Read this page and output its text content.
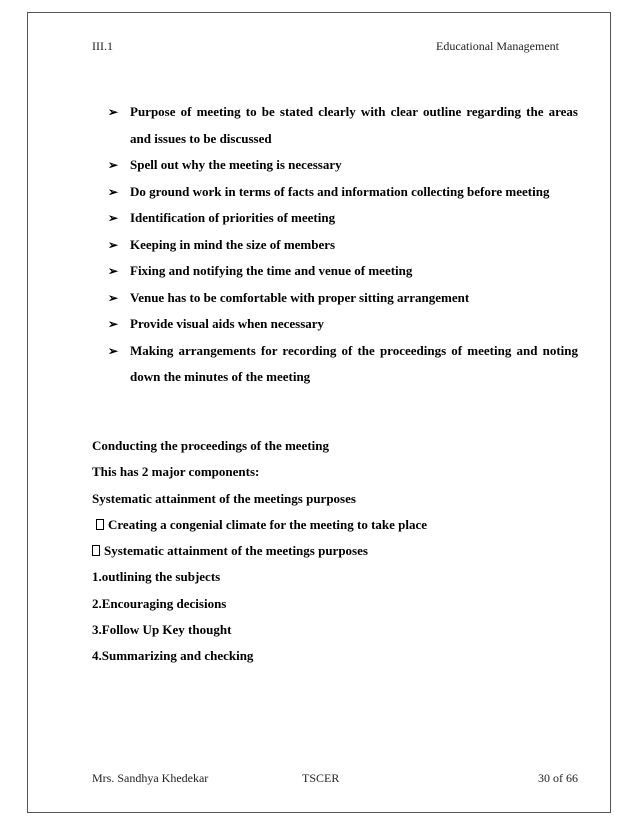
III.1	Educational Management
➢ Purpose of meeting to be stated clearly with clear outline regarding the areas and issues to be discussed
➢ Spell out why the meeting is necessary
➢ Do ground work in terms of facts and information collecting before meeting
➢ Identification of priorities of meeting
➢ Keeping in mind the size of members
➢ Fixing and notifying the time and venue of meeting
➢ Venue has to be comfortable with proper sitting arrangement
➢ Provide visual aids when necessary
➢ Making arrangements for recording of the proceedings of meeting and noting down the minutes of the meeting
Conducting the proceedings of the meeting
This has 2 major components:
Systematic attainment of the meetings purposes
Creating a congenial climate for the meeting to take place
Systematic attainment of the meetings purposes
1.outlining the subjects
2.Encouraging decisions
3.Follow Up Key thought
4.Summarizing and checking
Mrs. Sandhya Khedekar	TSCER	30 of 66
